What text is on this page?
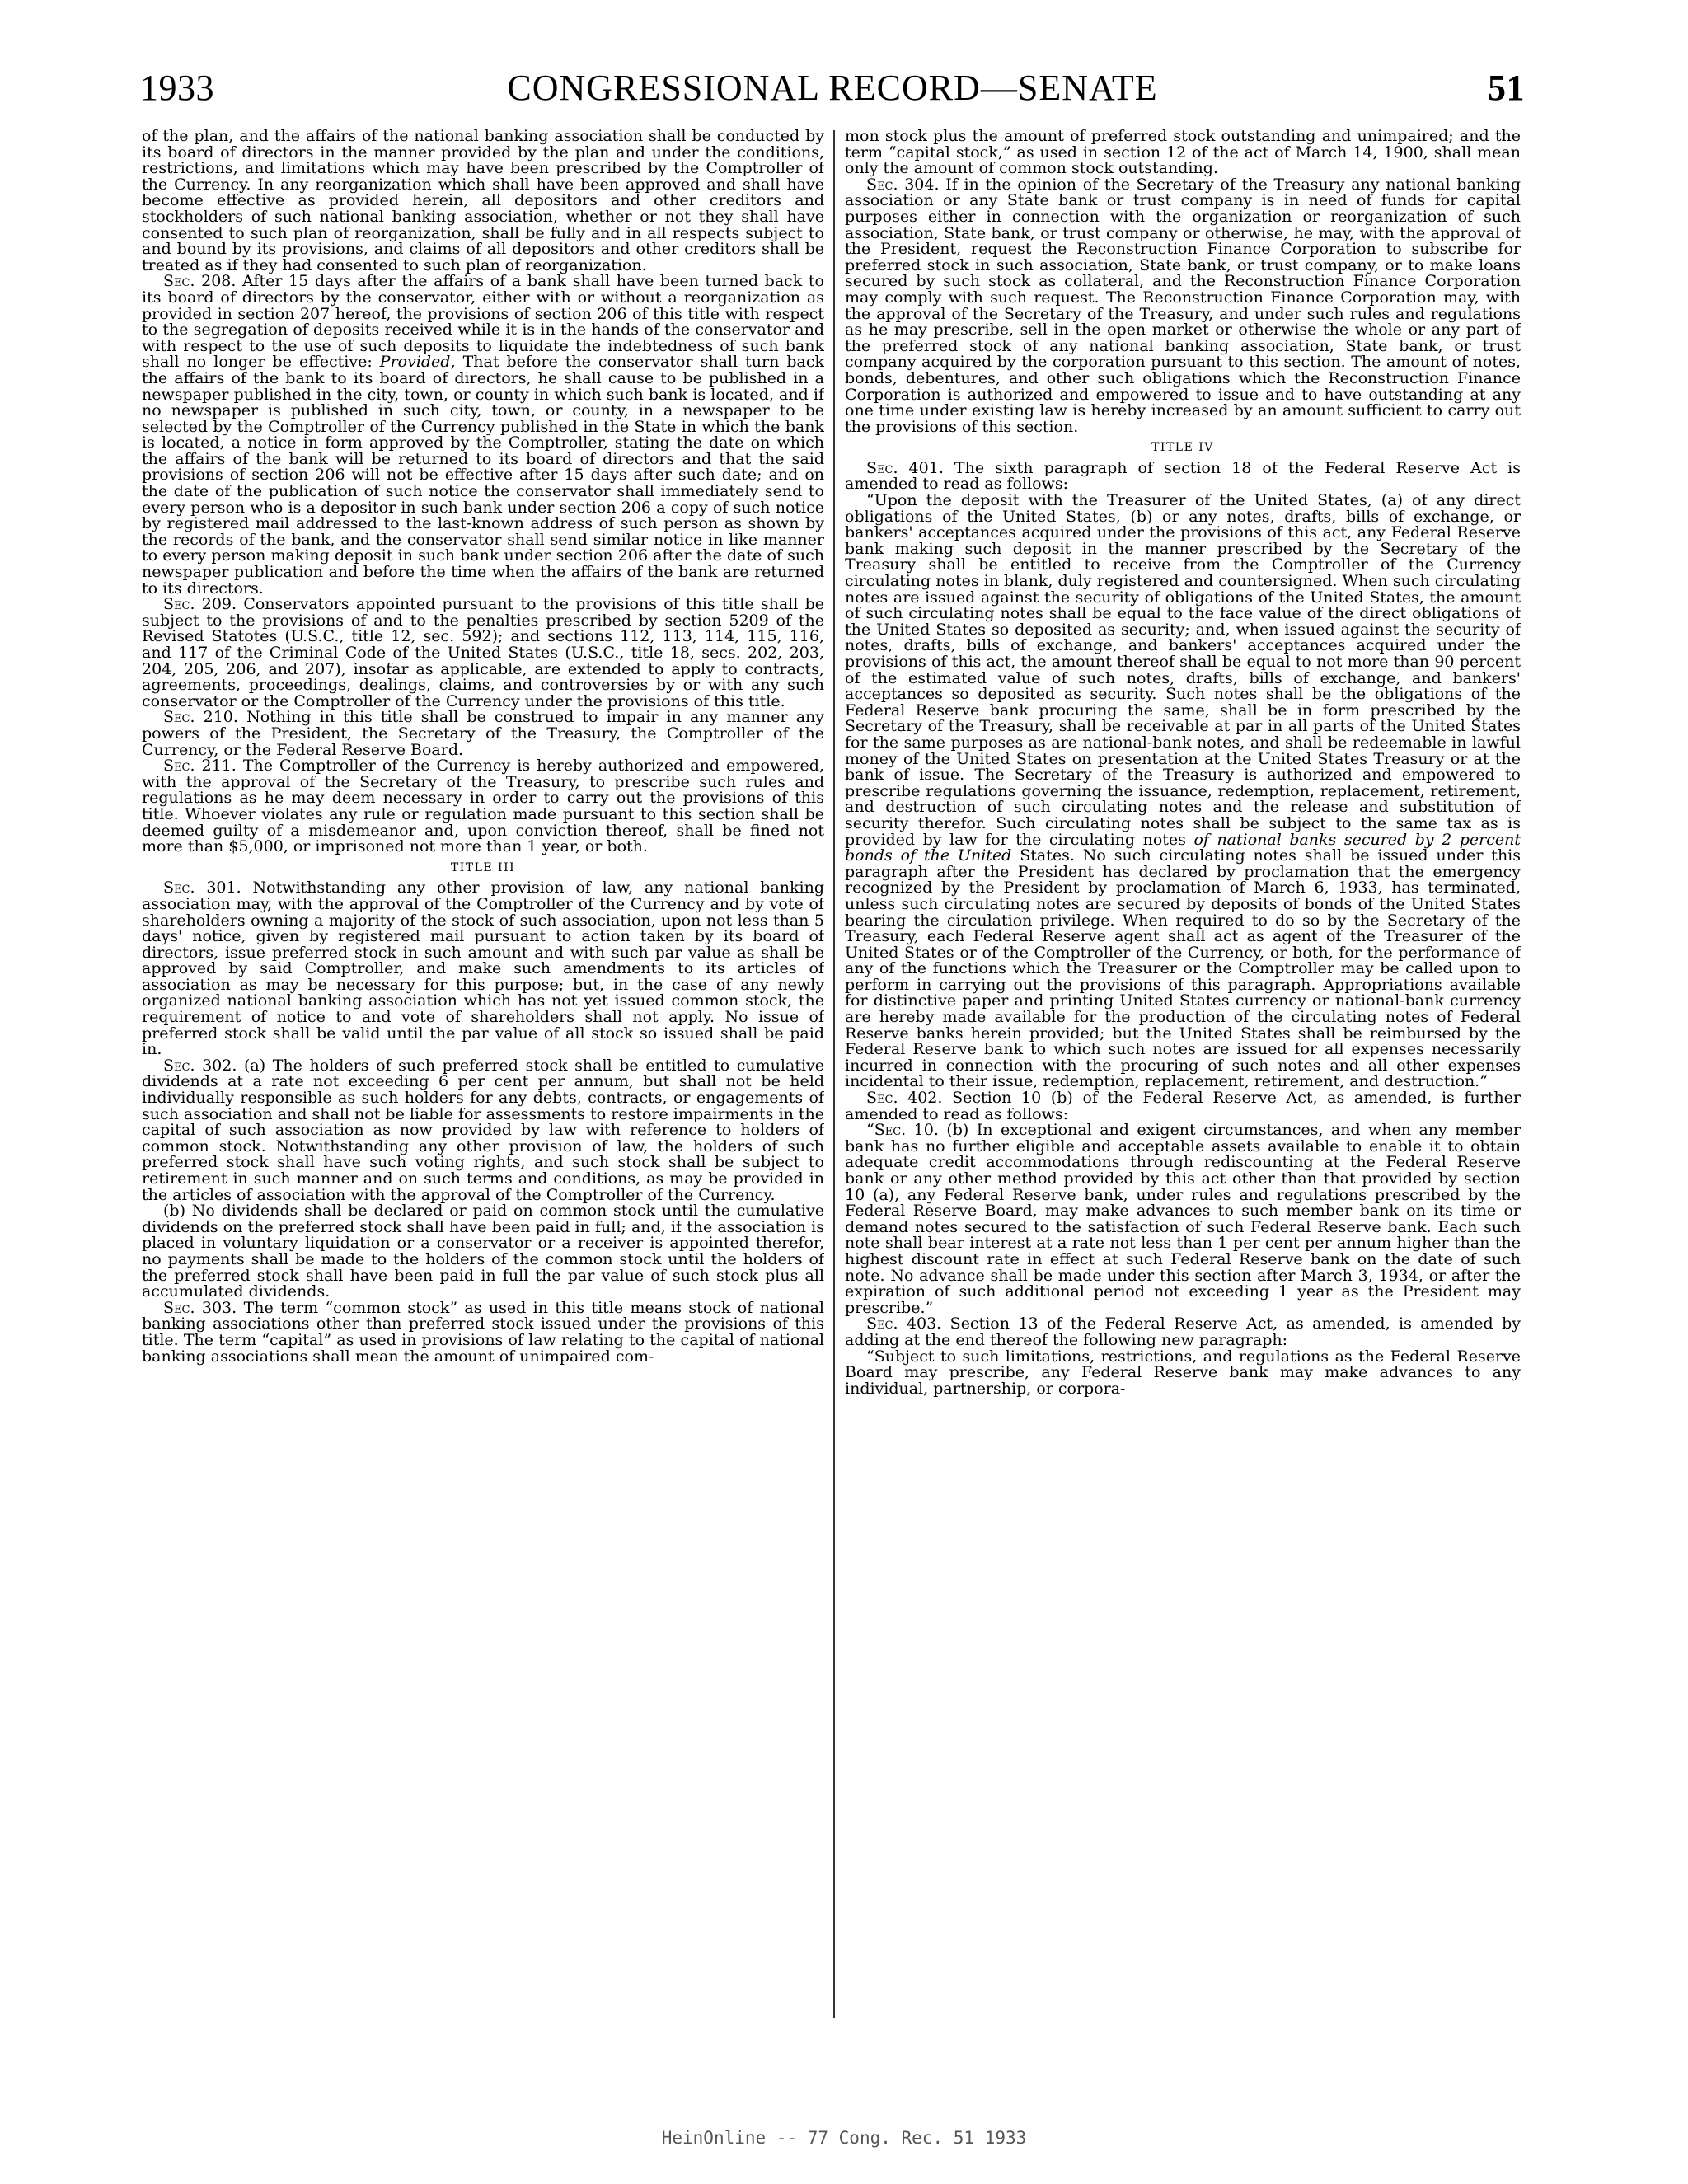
1933	CONGRESSIONAL RECORD—SENATE	51

of the plan, and the affairs of the national banking association shall be conducted by its board of directors in the manner provided by the plan and under the conditions, restrictions, and limitations which may have been prescribed by the Comptroller of the Currency. In any reorganization which shall have been approved and shall have become effective as provided herein, all depositors and other creditors and stockholders of such national banking association, whether or not they shall have consented to such plan of reorganization, shall be fully and in all respects subject to and bound by its provisions, and claims of all depositors and other creditors shall be treated as if they had consented to such plan of reorganization.

Sec. 208. After 15 days after the affairs of a bank shall have been turned back to its board of directors by the conservator, either with or without a reorganization as provided in section 207 hereof, the provisions of section 206 of this title with respect to the segregation of deposits received while it is in the hands of the conservator and with respect to the use of such deposits to liquidate the indebtedness of such bank shall no longer be effective: Provided, That before the conservator shall turn back the affairs of the bank to its board of directors, he shall cause to be published in a newspaper published in the city, town, or county in which such bank is located, and if no newspaper is published in such city, town, or county, in a newspaper to be selected by the Comptroller of the Currency published in the State in which the bank is located, a notice in form approved by the Comptroller, stating the date on which the affairs of the bank will be returned to its board of directors and that the said provisions of section 206 will not be effective after 15 days after such date; and on the date of the publication of such notice the conservator shall immediately send to every person who is a depositor in such bank under section 206 a copy of such notice by registered mail addressed to the last-known address of such person as shown by the records of the bank, and the conservator shall send similar notice in like manner to every person making deposit in such bank under section 206 after the date of such newspaper publication and before the time when the affairs of the bank are returned to its directors.

Sec. 209. Conservators appointed pursuant to the provisions of this title shall be subject to the provisions of and to the penalties prescribed by section 5209 of the Revised Statotes (U.S.C., title 12, sec. 592); and sections 112, 113, 114, 115, 116, and 117 of the Criminal Code of the United States (U.S.C., title 18, secs. 202, 203, 204, 205, 206, and 207), insofar as applicable, are extended to apply to contracts, agreements, proceedings, dealings, claims, and controversies by or with any such conservator or the Comptroller of the Currency under the provisions of this title.

Sec. 210. Nothing in this title shall be construed to impair in any manner any powers of the President, the Secretary of the Treasury, the Comptroller of the Currency, or the Federal Reserve Board.

Sec. 211. The Comptroller of the Currency is hereby authorized and empowered, with the approval of the Secretary of the Treasury, to prescribe such rules and regulations as he may deem necessary in order to carry out the provisions of this title. Whoever violates any rule or regulation made pursuant to this section shall be deemed guilty of a misdemeanor and, upon conviction thereof, shall be fined not more than $5,000, or imprisoned not more than 1 year, or both.

TITLE III

Sec. 301. Notwithstanding any other provision of law, any national banking association may, with the approval of the Comptroller of the Currency and by vote of shareholders owning a majority of the stock of such association, upon not less than 5 days' notice, given by registered mail pursuant to action taken by its board of directors, issue preferred stock in such amount and with such par value as shall be approved by said Comptroller, and make such amendments to its articles of association as may be necessary for this purpose; but, in the case of any newly organized national banking association which has not yet issued common stock, the requirement of notice to and vote of shareholders shall not apply. No issue of preferred stock shall be valid until the par value of all stock so issued shall be paid in.

Sec. 302. (a) The holders of such preferred stock shall be entitled to cumulative dividends at a rate not exceeding 6 per cent per annum, but shall not be held individually responsible as such holders for any debts, contracts, or engagements of such association and shall not be liable for assessments to restore impairments in the capital of such association as now provided by law with reference to holders of common stock. Notwithstanding any other provision of law, the holders of such preferred stock shall have such voting rights, and such stock shall be subject to retirement in such manner and on such terms and conditions, as may be provided in the articles of association with the approval of the Comptroller of the Currency.

(b) No dividends shall be declared or paid on common stock until the cumulative dividends on the preferred stock shall have been paid in full; and, if the association is placed in voluntary liquidation or a conservator or a receiver is appointed therefor, no payments shall be made to the holders of the common stock until the holders of the preferred stock shall have been paid in full the par value of such stock plus all accumulated dividends.

Sec. 303. The term “common stock” as used in this title means stock of national banking associations other than preferred stock issued under the provisions of this title. The term “capital” as used in provisions of law relating to the capital of national banking associations shall mean the amount of unimpaired com-

mon stock plus the amount of preferred stock outstanding and unimpaired; and the term “capital stock,” as used in section 12 of the act of March 14, 1900, shall mean only the amount of common stock outstanding.

Sec. 304. If in the opinion of the Secretary of the Treasury any national banking association or any State bank or trust company is in need of funds for capital purposes either in connection with the organization or reorganization of such association, State bank, or trust company or otherwise, he may, with the approval of the President, request the Reconstruction Finance Corporation to subscribe for preferred stock in such association, State bank, or trust company, or to make loans secured by such stock as collateral, and the Reconstruction Finance Corporation may comply with such request. The Reconstruction Finance Corporation may, with the approval of the Secretary of the Treasury, and under such rules and regulations as he may prescribe, sell in the open market or otherwise the whole or any part of the preferred stock of any national banking association, State bank, or trust company acquired by the corporation pursuant to this section. The amount of notes, bonds, debentures, and other such obligations which the Reconstruction Finance Corporation is authorized and empowered to issue and to have outstanding at any one time under existing law is hereby increased by an amount sufficient to carry out the provisions of this section.

TITLE IV

Sec. 401. The sixth paragraph of section 18 of the Federal Reserve Act is amended to read as follows:

“Upon the deposit with the Treasurer of the United States, (a) of any direct obligations of the United States, (b) or any notes, drafts, bills of exchange, or bankers' acceptances acquired under the provisions of this act, any Federal Reserve bank making such deposit in the manner prescribed by the Secretary of the Treasury shall be entitled to receive from the Comptroller of the Currency circulating notes in blank, duly registered and countersigned. When such circulating notes are issued against the security of obligations of the United States, the amount of such circulating notes shall be equal to the face value of the direct obligations of the United States so deposited as security; and, when issued against the security of notes, drafts, bills of exchange, and bankers' acceptances acquired under the provisions of this act, the amount thereof shall be equal to not more than 90 percent of the estimated value of such notes, drafts, bills of exchange, and bankers' acceptances so deposited as security. Such notes shall be the obligations of the Federal Reserve bank procuring the same, shall be in form prescribed by the Secretary of the Treasury, shall be receivable at par in all parts of the United States for the same purposes as are national-bank notes, and shall be redeemable in lawful money of the United States on presentation at the United States Treasury or at the bank of issue. The Secretary of the Treasury is authorized and empowered to prescribe regulations governing the issuance, redemption, replacement, retirement, and destruction of such circulating notes and the release and substitution of security therefor. Such circulating notes shall be subject to the same tax as is provided by law for the circulating notes of national banks secured by 2 percent bonds of the United States. No such circulating notes shall be issued under this paragraph after the President has declared by proclamation that the emergency recognized by the President by proclamation of March 6, 1933, has terminated, unless such circulating notes are secured by deposits of bonds of the United States bearing the circulation privilege. When required to do so by the Secretary of the Treasury, each Federal Reserve agent shall act as agent of the Treasurer of the United States or of the Comptroller of the Currency, or both, for the performance of any of the functions which the Treasurer or the Comptroller may be called upon to perform in carrying out the provisions of this paragraph. Appropriations available for distinctive paper and printing United States currency or national-bank currency are hereby made available for the production of the circulating notes of Federal Reserve banks herein provided; but the United States shall be reimbursed by the Federal Reserve bank to which such notes are issued for all expenses necessarily incurred in connection with the procuring of such notes and all other expenses incidental to their issue, redemption, replacement, retirement, and destruction.”

Sec. 402. Section 10 (b) of the Federal Reserve Act, as amended, is further amended to read as follows:

“Sec. 10. (b) In exceptional and exigent circumstances, and when any member bank has no further eligible and acceptable assets available to enable it to obtain adequate credit accommodations through rediscounting at the Federal Reserve bank or any other method provided by this act other than that provided by section 10 (a), any Federal Reserve bank, under rules and regulations prescribed by the Federal Reserve Board, may make advances to such member bank on its time or demand notes secured to the satisfaction of such Federal Reserve bank. Each such note shall bear interest at a rate not less than 1 per cent per annum higher than the highest discount rate in effect at such Federal Reserve bank on the date of such note. No advance shall be made under this section after March 3, 1934, or after the expiration of such additional period not exceeding 1 year as the President may prescribe.”

Sec. 403. Section 13 of the Federal Reserve Act, as amended, is amended by adding at the end thereof the following new paragraph:

“Subject to such limitations, restrictions, and regulations as the Federal Reserve Board may prescribe, any Federal Reserve bank may make advances to any individual, partnership, or corpora-

HeinOnline -- 77 Cong. Rec. 51 1933
